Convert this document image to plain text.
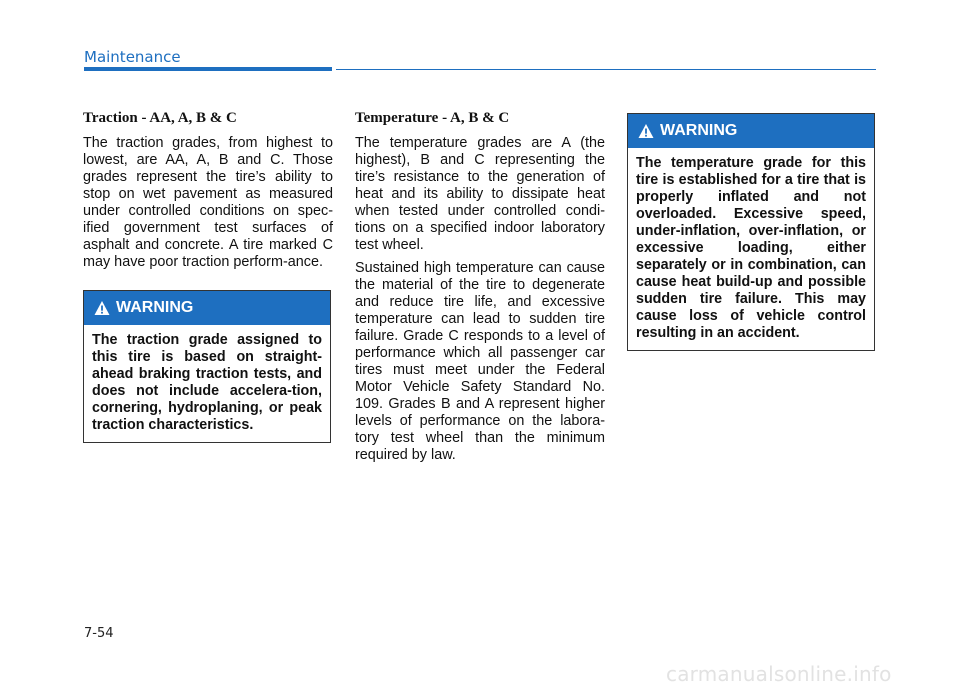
Maintenance
Traction - AA, A, B & C

The traction grades, from highest to lowest, are AA, A, B and C. Those grades represent the tire’s ability to stop on wet pavement as measured under controlled conditions on spec-ified government test surfaces of asphalt and concrete. A tire marked C may have poor traction perform-ance.

WARNING
The traction grade assigned to this tire is based on straight-ahead braking traction tests, and does not include accelera-tion, cornering, hydroplaning, or peak traction characteristics.
Temperature - A, B & C

The temperature grades are A (the highest), B and C representing the tire’s resistance to the generation of heat and its ability to dissipate heat when tested under controlled condi-tions on a specified indoor laboratory test wheel.

Sustained high temperature can cause the material of the tire to degenerate and reduce tire life, and excessive temperature can lead to sudden tire failure. Grade C responds to a level of performance which all passenger car tires must meet under the Federal Motor Vehicle Safety Standard No. 109. Grades B and A represent higher levels of performance on the labora-tory test wheel than the minimum required by law.

WARNING
The temperature grade for this tire is established for a tire that is properly inflated and not overloaded. Excessive speed, under-inflation, over-inflation, or excessive loading, either separately or in combination, can cause heat build-up and possible sudden tire failure. This may cause loss of vehicle control resulting in an accident.
7-54
carmanualsonline.info
